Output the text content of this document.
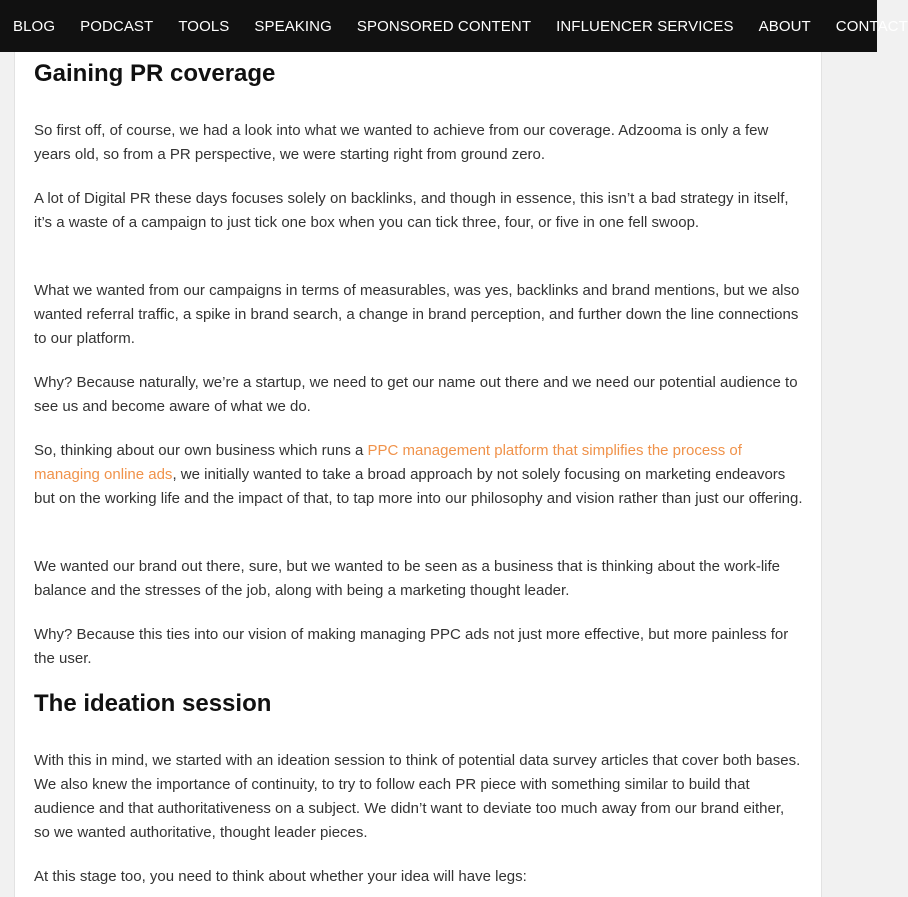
BLOG PODCAST TOOLS SPEAKING SPONSORED CONTENT INFLUENCER SERVICES ABOUT CONTACT
Gaining PR coverage

So first off, of course, we had a look into what we wanted to achieve from our coverage. Adzooma is only a few years old, so from a PR perspective, we were starting right from ground zero.

A lot of Digital PR these days focuses solely on backlinks, and though in essence, this isn’t a bad strategy in itself, it’s a waste of a campaign to just tick one box when you can tick three, four, or five in one fell swoop.

What we wanted from our campaigns in terms of measurables, was yes, backlinks and brand mentions, but we also wanted referral traffic, a spike in brand search, a change in brand perception, and further down the line connections to our platform.

Why? Because naturally, we’re a startup, we need to get our name out there and we need our potential audience to see us and become aware of what we do.

So, thinking about our own business which runs a PPC management platform that simplifies the process of managing online ads, we initially wanted to take a broad approach by not solely focusing on marketing endeavors but on the working life and the impact of that, to tap more into our philosophy and vision rather than just our offering.

We wanted our brand out there, sure, but we wanted to be seen as a business that is thinking about the work-life balance and the stresses of the job, along with being a marketing thought leader.

Why? Because this ties into our vision of making managing PPC ads not just more effective, but more painless for the user.

The ideation session

With this in mind, we started with an ideation session to think of potential data survey articles that cover both bases. We also knew the importance of continuity, to try to follow each PR piece with something similar to build that audience and that authoritativeness on a subject. We didn’t want to deviate too much away from our brand either, so we wanted authoritative, thought leader pieces.

At this stage too, you need to think about whether your idea will have legs:
